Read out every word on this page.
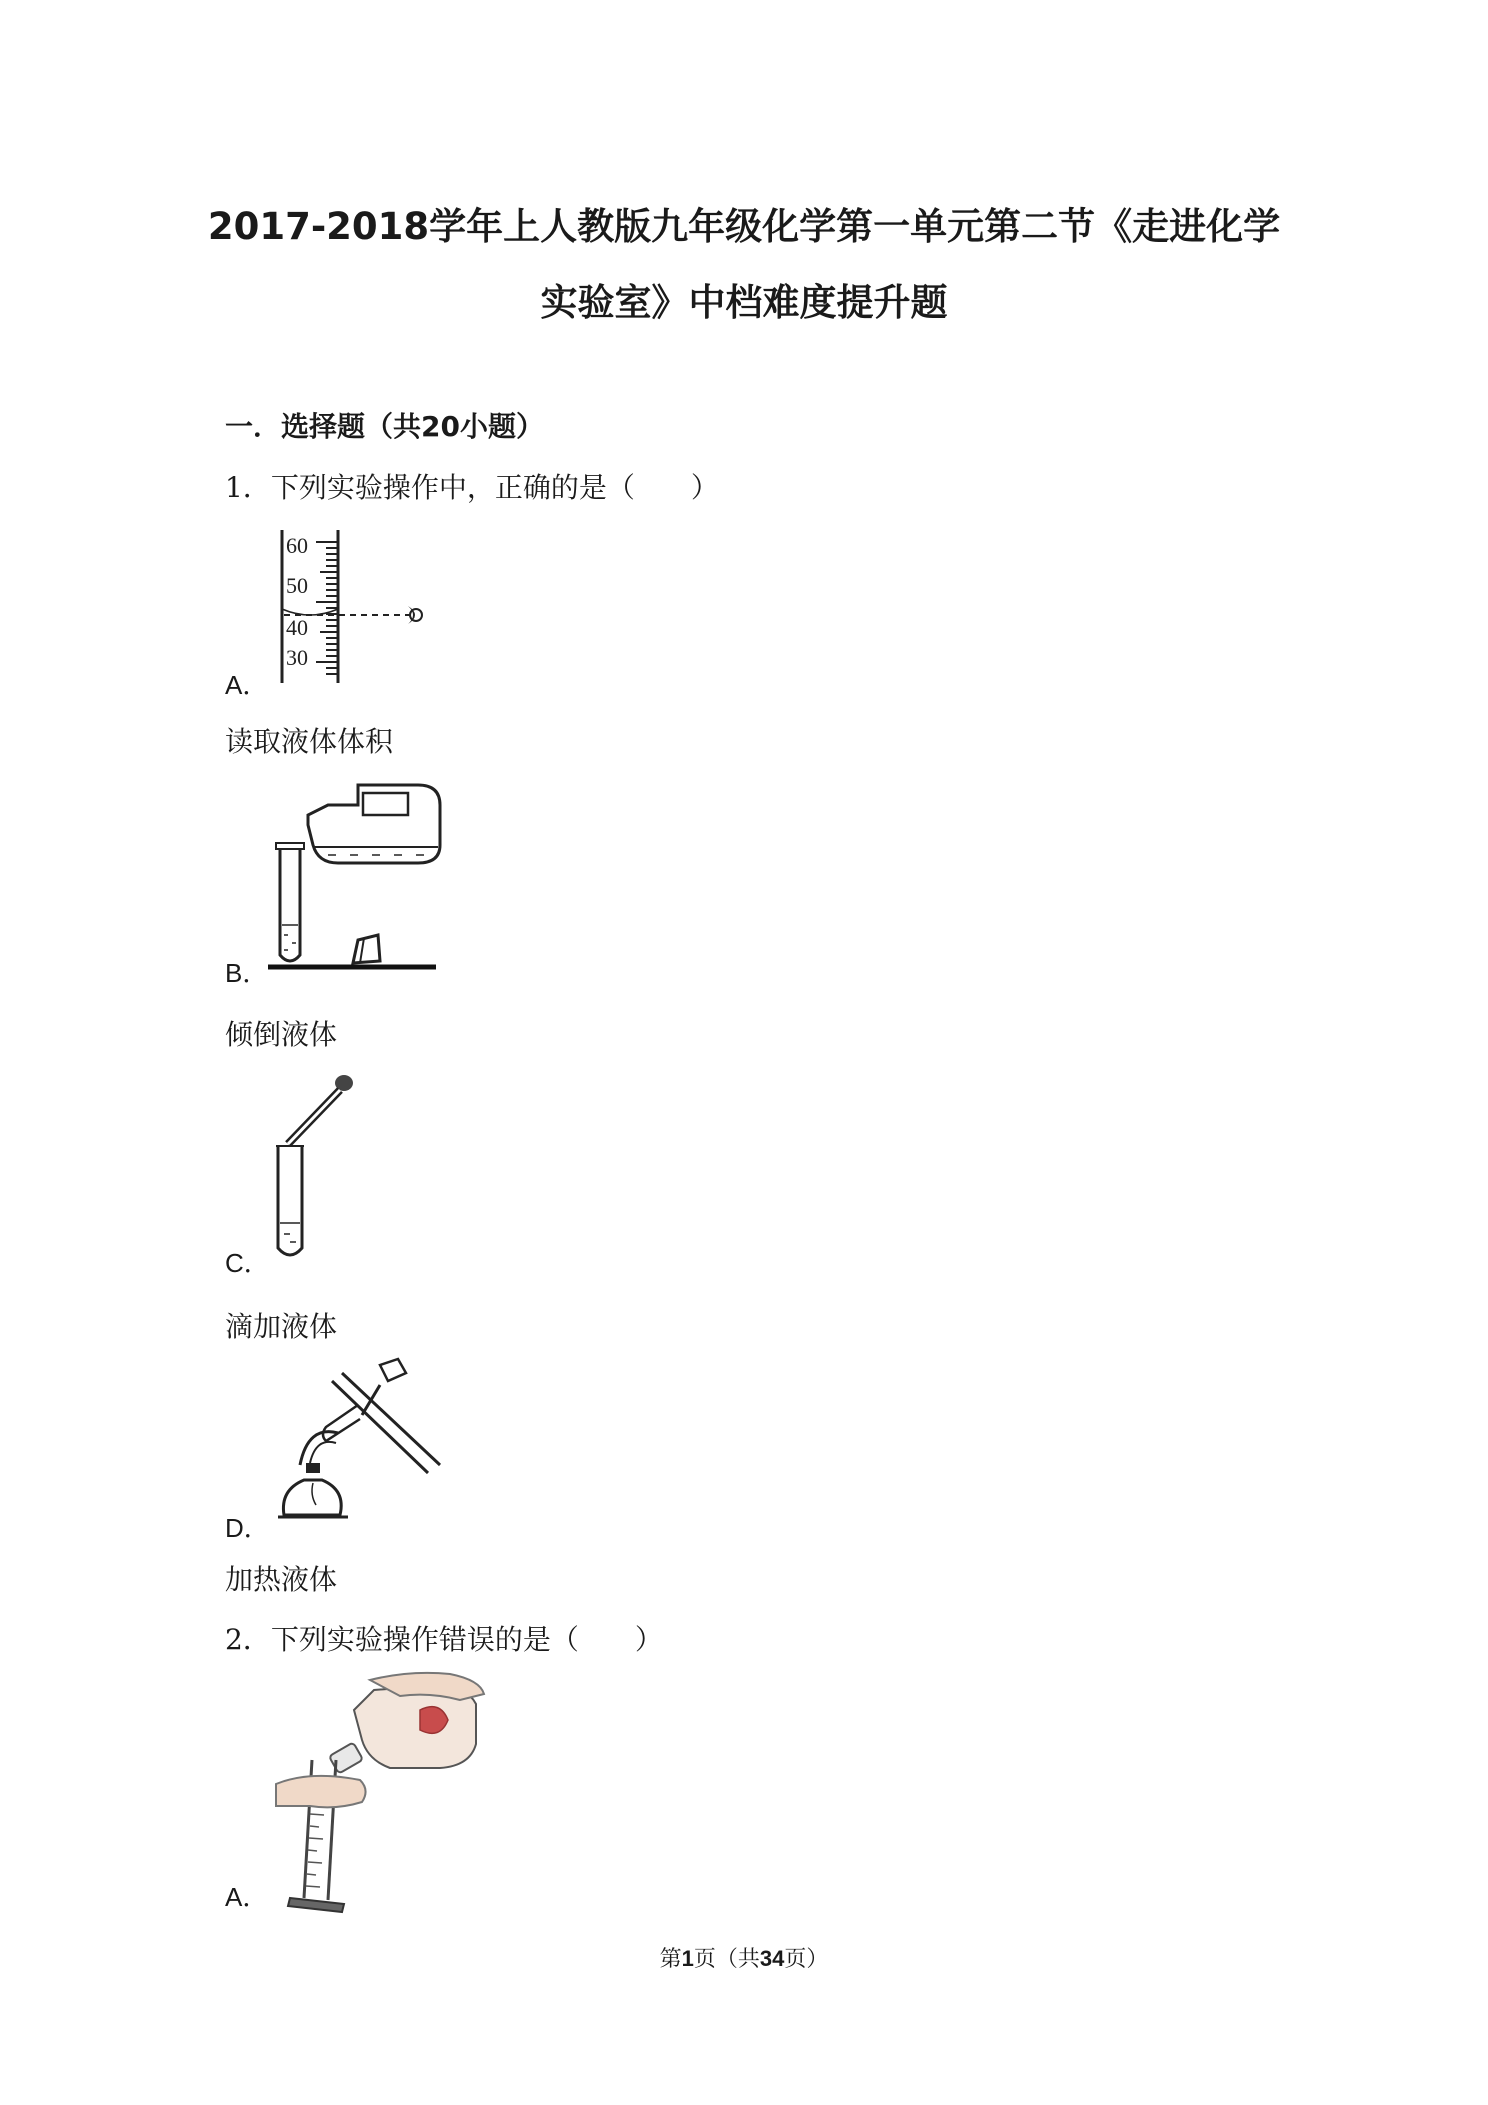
2017-2018学年上人教版九年级化学第一单元第二节《走进化学
实验室》中档难度提升题
一．选择题（共20小题）
1．下列实验操作中，正确的是（　　）
60
50
40
30
A．
读取液体体积
B．
倾倒液体
C．
滴加液体
D．
加热液体
2．下列实验操作错误的是（　　）
A．
第1页（共34页）
